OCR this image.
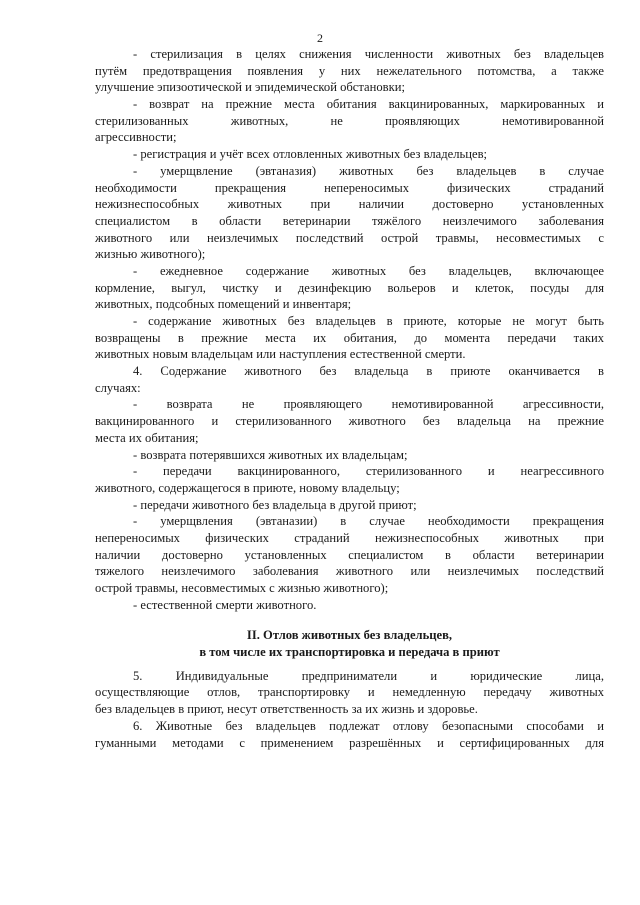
2
- стерилизация в целях снижения численности животных без владельцев
путём предотвращения появления у них нежелательного потомства, а также
улучшение эпизоотической и эпидемической обстановки;
- возврат на прежние места обитания вакцинированных, маркированных и
стерилизованных животных, не проявляющих немотивированной
агрессивности;
- регистрация и учёт всех отловленных животных без владельцев;
- умерщвление (эвтаназия) животных без владельцев в случае
необходимости прекращения непереносимых физических страданий
нежизнеспособных животных при наличии достоверно установленных
специалистом в области ветеринарии тяжёлого неизлечимого заболевания
животного или неизлечимых последствий острой травмы, несовместимых с
жизнью животного);
- ежедневное содержание животных без владельцев, включающее
кормление, выгул, чистку и дезинфекцию вольеров и клеток, посуды для
животных, подсобных помещений и инвентаря;
- содержание животных без владельцев в приюте, которые не могут быть
возвращены в прежние места их обитания, до момента передачи таких
животных новым владельцам или наступления естественной смерти.
4. Содержание животного без владельца в приюте оканчивается в
случаях:
- возврата не проявляющего немотивированной агрессивности,
вакцинированного и стерилизованного животного без владельца на прежние
места их обитания;
- возврата потерявшихся животных их владельцам;
- передачи вакцинированного, стерилизованного и неагрессивного
животного, содержащегося в приюте, новому владельцу;
- передачи животного без владельца в другой приют;
- умерщвления (эвтаназии) в случае необходимости прекращения
непереносимых физических страданий нежизнеспособных животных при
наличии достоверно установленных специалистом в области ветеринарии
тяжелого неизлечимого заболевания животного или неизлечимых последствий
острой травмы, несовместимых с жизнью животного);
- естественной смерти животного.
II. Отлов животных без владельцев,
в том числе их транспортировка и передача в приют
5. Индивидуальные предприниматели и юридические лица,
осуществляющие отлов, транспортировку и немедленную передачу животных
без владельцев в приют, несут ответственность за их жизнь и здоровье.
6. Животные без владельцев подлежат отлову безопасными способами и
гуманными методами с применением разрешённых и сертифицированных для
